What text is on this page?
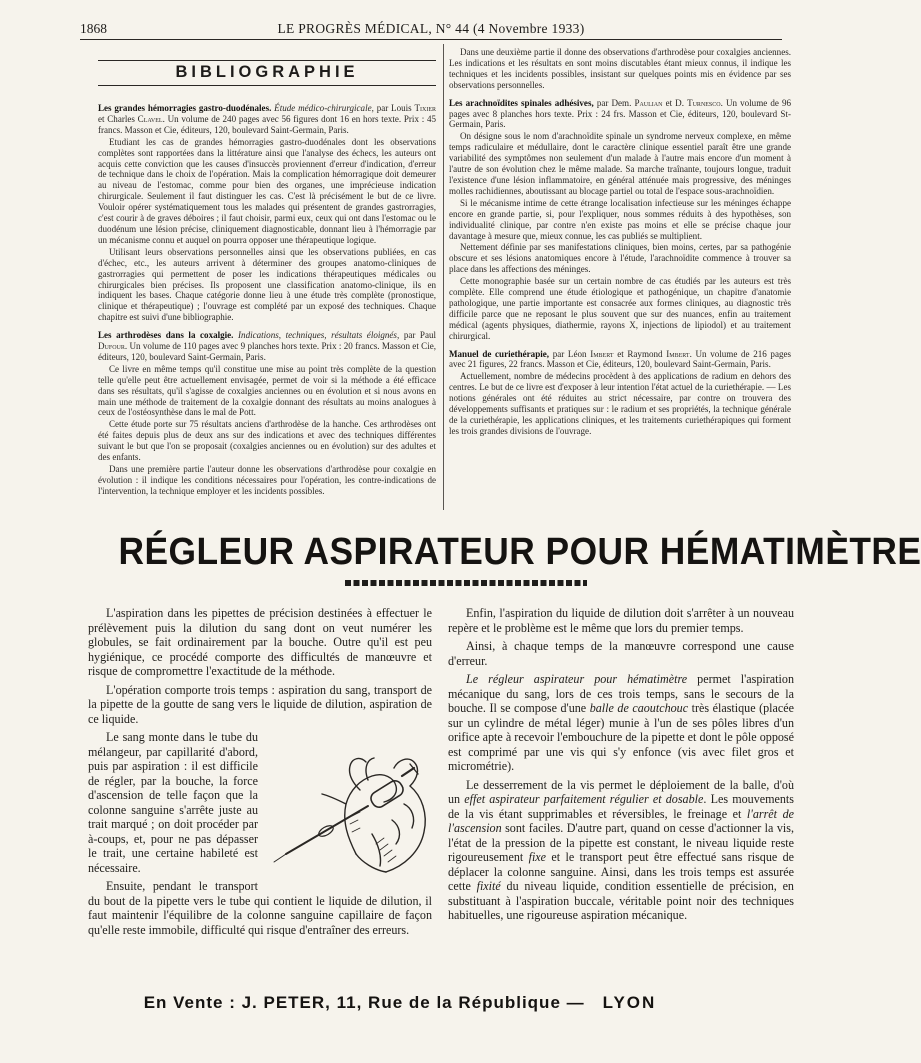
1868	LE PROGRÈS MÉDICAL, N° 44 (4 Novembre 1933)
BIBLIOGRAPHIE

Les grandes hémorragies gastro-duodénales. Étude médico-chirurgicale, par Louis Tixier et Charles Clavel. Un volume de 240 pages avec 56 figures dont 16 en hors texte. Prix : 45 francs. Masson et Cie, éditeurs, 120, boulevard Saint-Germain, Paris.

Etudiant les cas de grandes hémorragies gastro-duodénales dont les observations complètes sont rapportées dans la littérature ainsi que l'analyse des échecs, les auteurs ont acquis cette conviction que les causes d'insuccès proviennent d'erreur d'indication, d'erreur de technique dans le choix de l'opération. Mais la complication hémorragique doit demeurer au niveau de l'estomac, comme pour bien des organes, une imprécieuse indication chirurgicale. Seulement il faut distinguer les cas. C'est là précisément le but de ce livre. Vouloir opérer systématiquement tous les malades qui présentent de grandes gastrorragies, c'est courir à de graves déboires ; il faut choisir, parmi eux, ceux qui ont dans l'estomac ou le duodénum une lésion précise, cliniquement diagnosticable, donnant lieu à l'hémorragie par un mécanisme connu et auquel on pourra opposer une thérapeutique logique.

Utilisant leurs observations personnelles ainsi que les observations publiées, en cas d'échec, etc., les auteurs arrivent à déterminer des groupes anatomo-cliniques de gastrorragies qui permettent de poser les indications thérapeutiques médicales ou chirurgicales bien précises. Ils proposent une classification anatomo-clinique, ils en indiquent les bases. Chaque catégorie donne lieu à une étude très complète (pronostique, clinique et thérapeutique) ; l'ouvrage est complété par un exposé des techniques. Chaque chapitre est suivi d'une bibliographie.

Les arthrodèses dans la coxalgie. Indications, techniques, résultats éloignés, par Paul Dufour. Un volume de 110 pages avec 9 planches hors texte. Prix : 20 francs. Masson et Cie, éditeurs, 120, boulevard Saint-Germain, Paris.

Ce livre en même temps qu'il constitue une mise au point très complète de la question telle qu'elle peut être actuellement envisagée, permet de voir si la méthode a été efficace dans ses résultats, qu'il s'agisse de coxalgies anciennes ou en évolution et si nous avons en main une méthode de traitement de la coxalgie donnant des résultats au moins analogues à ceux de l'ostéosynthèse dans le mal de Pott.

Cette étude porte sur 75 résultats anciens d'arthrodèse de la hanche. Ces arthrodèses ont été faites depuis plus de deux ans sur des indications et avec des techniques différentes suivant le but que l'on se proposait (coxalgies anciennes ou en évolution) sur des adultes et des enfants.

Dans une première partie l'auteur donne les observations d'arthrodèse pour coxalgie en évolution : il indique les conditions nécessaires pour l'opération, les contre-indications de l'intervention, la technique employer et les incidents possibles.

Dans une deuxième partie il donne des observations d'arthrodèse pour coxalgies anciennes. Les indications et les résultats en sont moins discutables étant mieux connus, il indique les techniques et les incidents possibles, insistant sur quelques points mis en évidence par ses observations personnelles.

Les arachnoïdites spinales adhésives, par Dem. Paulian et D. Turnesco. Un volume de 96 pages avec 8 planches hors texte. Prix : 24 frs. Masson et Cie, éditeurs, 120, boulevard St-Germain, Paris.

On désigne sous le nom d'arachnoïdite spinale un syndrome nerveux complexe, en même temps radiculaire et médullaire, dont le caractère clinique essentiel paraît être une grande variabilité des symptômes non seulement d'un malade à l'autre mais encore d'un moment à l'autre de son évolution chez le même malade. Sa marche traînante, toujours longue, traduit l'existence d'une lésion inflammatoire, en général atténuée mais progressive, des méninges molles rachidiennes, aboutissant au blocage partiel ou total de l'espace sous-arachnoïdien.

Si le mécanisme intime de cette étrange localisation infectieuse sur les méninges échappe encore en grande partie, si, pour l'expliquer, nous sommes réduits à des hypothèses, son individualité clinique, par contre n'en existe pas moins et elle se précise chaque jour davantage à mesure que, mieux connue, les cas publiés se multiplient.

Nettement définie par ses manifestations cliniques, bien moins, certes, par sa pathogénie obscure et ses lésions anatomiques encore à l'étude, l'arachnoïdite commence à trouver sa place dans les affections des méninges.

Cette monographie basée sur un certain nombre de cas étudiés par les auteurs est très complète. Elle comprend une étude étiologique et pathogénique, un chapitre d'anatomie pathologique, une partie importante est consacrée aux formes cliniques, au diagnostic très difficile parce que ne reposant le plus souvent que sur des nuances, enfin au traitement médical (agents physiques, diathermie, rayons X, injections de lipiodol) et au traitement chirurgical.

Manuel de curiethérapie, par Léon Imbert et Raymond Imbert. Un volume de 216 pages avec 21 figures, 22 francs. Masson et Cie, éditeurs, 120, boulevard Saint-Germain, Paris.

Actuellement, nombre de médecins procèdent à des applications de radium en dehors des centres. Le but de ce livre est d'exposer à leur intention l'état actuel de la curiethérapie. — Les notions générales ont été réduites au strict nécessaire, par contre on trouvera des développements suffisants et pratiques sur : le radium et ses propriétés, la technique générale de la curiethérapie, les applications cliniques, et les traitements curiethérapiques qui forment les trois grandes divisions de l'ouvrage.

RÉGLEUR ASPIRATEUR POUR HÉMATIMÈTRE

L'aspiration dans les pipettes de précision destinées à effectuer le prélèvement puis la dilution du sang dont on veut numérer les globules, se fait ordinairement par la bouche. Outre qu'il est peu hygiénique, ce procédé comporte des difficultés de manœuvre et risque de compromettre l'exactitude de la méthode.

L'opération comporte trois temps : aspiration du sang, transport de la pipette de la goutte de sang vers le liquide de dilution, aspiration de ce liquide.

Le sang monte dans le tube du mélangeur, par capillarité d'abord, puis par aspiration : il est difficile de régler, par la bouche, la force d'ascension de telle façon que la colonne sanguine s'arrête juste au trait marqué ; on doit procéder par à-coups, et, pour ne pas dépasser le trait, une certaine habileté est nécessaire.

Ensuite, pendant le transport du bout de la pipette vers le tube qui contient le liquide de dilution, il faut maintenir l'équilibre de la colonne sanguine capillaire de façon qu'elle reste immobile, difficulté qui risque d'entraîner des erreurs.

Enfin, l'aspiration du liquide de dilution doit s'arrêter à un nouveau repère et le problème est le même que lors du premier temps.

Ainsi, à chaque temps de la manœuvre correspond une cause d'erreur.

Le régleur aspirateur pour hématimètre permet l'aspiration mécanique du sang, lors de ces trois temps, sans le secours de la bouche. Il se compose d'une balle de caoutchouc très élastique (placée sur un cylindre de métal léger) munie à l'un de ses pôles libres d'un orifice apte à recevoir l'embouchure de la pipette et dont le pôle opposé est comprimé par une vis qui s'y enfonce (vis avec filet gros et micrométrie).

Le desserrement de la vis permet le déploiement de la balle, d'où un effet aspirateur parfaitement régulier et dosable. Les mouvements de la vis étant supprimables et réversibles, le freinage et l'arrêt de l'ascension sont faciles. D'autre part, quand on cesse d'actionner la vis, l'état de la pression de la pipette est constant, le niveau liquide reste rigoureusement fixe et le transport peut être effectué sans risque de déplacer la colonne sanguine. Ainsi, dans les trois temps est assurée cette fixité du niveau liquide, condition essentielle de précision, en substituant à l'aspiration buccale, véritable point noir des techniques habituelles, une rigoureuse aspiration mécanique.

En Vente : J. PETER, 11, Rue de la République — LYON
